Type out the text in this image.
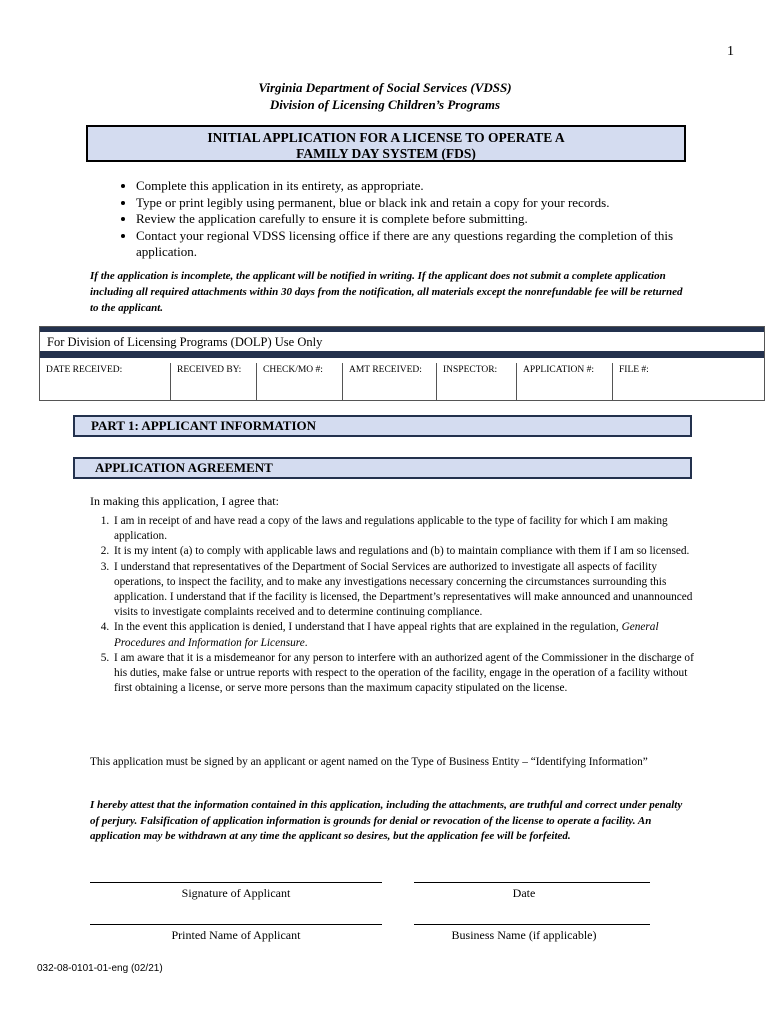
1
Virginia Department of Social Services (VDSS)
Division of Licensing Children’s Programs
INITIAL APPLICATION FOR A LICENSE TO OPERATE A
FAMILY DAY SYSTEM (FDS)
• Complete this application in its entirety, as appropriate.
• Type or print legibly using permanent, blue or black ink and retain a copy for your records.
• Review the application carefully to ensure it is complete before submitting.
• Contact your regional VDSS licensing office if there are any questions regarding the completion of this application.
If the application is incomplete, the applicant will be notified in writing. If the applicant does not submit a complete application including all required attachments within 30 days from the notification, all materials except the nonrefundable fee will be returned to the applicant.
For Division of Licensing Programs (DOLP) Use Only
DATE RECEIVED:	RECEIVED BY:	CHECK/MO #:	AMT RECEIVED:	INSPECTOR:	APPLICATION #:	FILE #:
PART 1: APPLICANT INFORMATION
APPLICATION AGREEMENT
In making this application, I agree that:
1. I am in receipt of and have read a copy of the laws and regulations applicable to the type of facility for which I am making application.
2. It is my intent (a) to comply with applicable laws and regulations and (b) to maintain compliance with them if I am so licensed.
3. I understand that representatives of the Department of Social Services are authorized to investigate all aspects of facility operations, to inspect the facility, and to make any investigations necessary concerning the circumstances surrounding this application. I understand that if the facility is licensed, the Department’s representatives will make announced and unannounced visits to investigate complaints received and to determine continuing compliance.
4. In the event this application is denied, I understand that I have appeal rights that are explained in the regulation, General Procedures and Information for Licensure.
5. I am aware that it is a misdemeanor for any person to interfere with an authorized agent of the Commissioner in the discharge of his duties, make false or untrue reports with respect to the operation of the facility, engage in the operation of a facility without first obtaining a license, or serve more persons than the maximum capacity stipulated on the license.
This application must be signed by an applicant or agent named on the Type of Business Entity – “Identifying Information”
I hereby attest that the information contained in this application, including the attachments, are truthful and correct under penalty of perjury. Falsification of application information is grounds for denial or revocation of the license to operate a facility. An application may be withdrawn at any time the applicant so desires, but the application fee will be forfeited.
Signature of Applicant	Date
Printed Name of Applicant	Business Name (if applicable)
032-08-0101-01-eng (02/21)
